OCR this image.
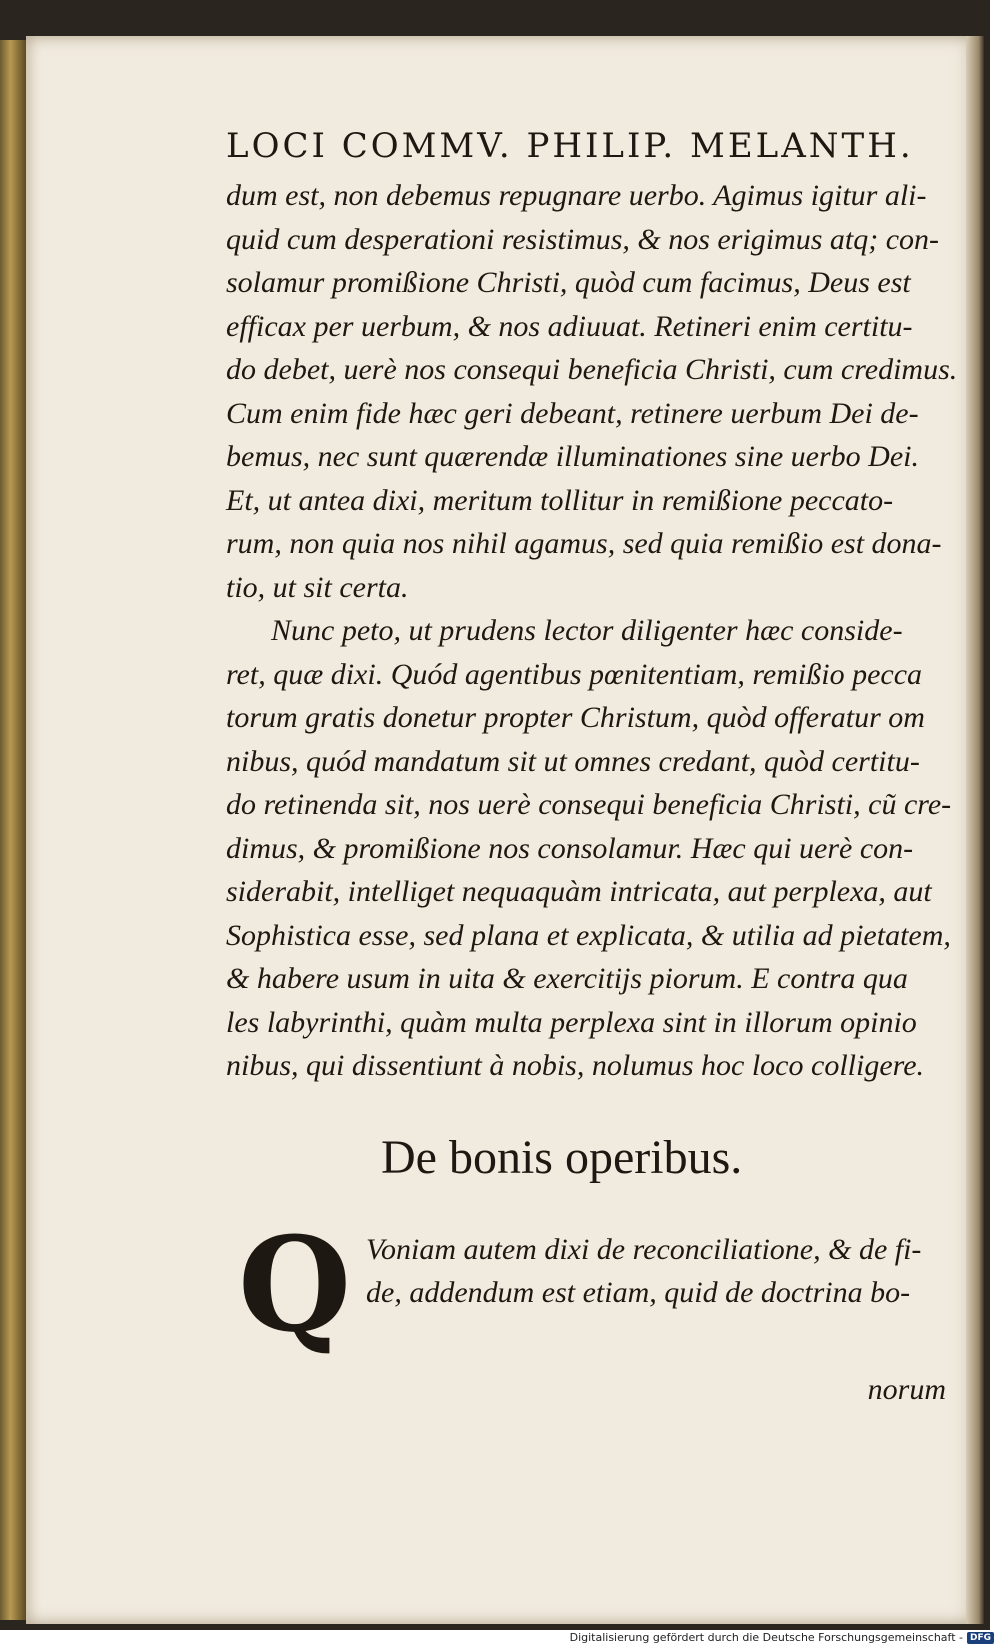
LOCI COMMV. PHILIP. MELANTH.

dum est, non debemus repugnare uerbo. Agimus igitur ali-

quid cum desperationi resistimus, & nos erigimus atq; con-

solamur promißione Christi, quòd cum facimus, Deus est

efficax per uerbum, & nos adiuuat. Retineri enim certitu-

do debet, uerè nos consequi beneficia Christi, cum credimus.

Cum enim fide hæc geri debeant, retinere uerbum Dei de-

bemus, nec sunt quærendæ illuminationes sine uerbo Dei.

Et, ut antea dixi, meritum tollitur in remißione peccato-

rum, non quia nos nihil agamus, sed quia remißio est dona-

tio, ut sit certa.

Nunc peto, ut prudens lector diligenter hæc conside-

ret, quæ dixi. Quód agentibus pœnitentiam, remißio pecca

torum gratis donetur propter Christum, quòd offeratur om

nibus, quód mandatum sit ut omnes credant, quòd certitu-

do retinenda sit, nos uerè consequi beneficia Christi, cũ cre-

dimus, & promißione nos consolamur. Hæc qui uerè con-

siderabit, intelliget nequaquàm intricata, aut perplexa, aut

Sophistica esse, sed plana et explicata, & utilia ad pietatem,

& habere usum in uita & exercitijs piorum. E contra qua

les labyrinthi, quàm multa perplexa sint in illorum opinio

nibus, qui dissentiunt à nobis, nolumus hoc loco colligere.

De bonis operibus.
Q Voniam autem dixi de reconciliatione, & de fi-

de, addendum est etiam, quid de doctrina bo-

norum

Digitalisierung gefördert durch die Deutsche Forschungsgemeinschaft - DFG
